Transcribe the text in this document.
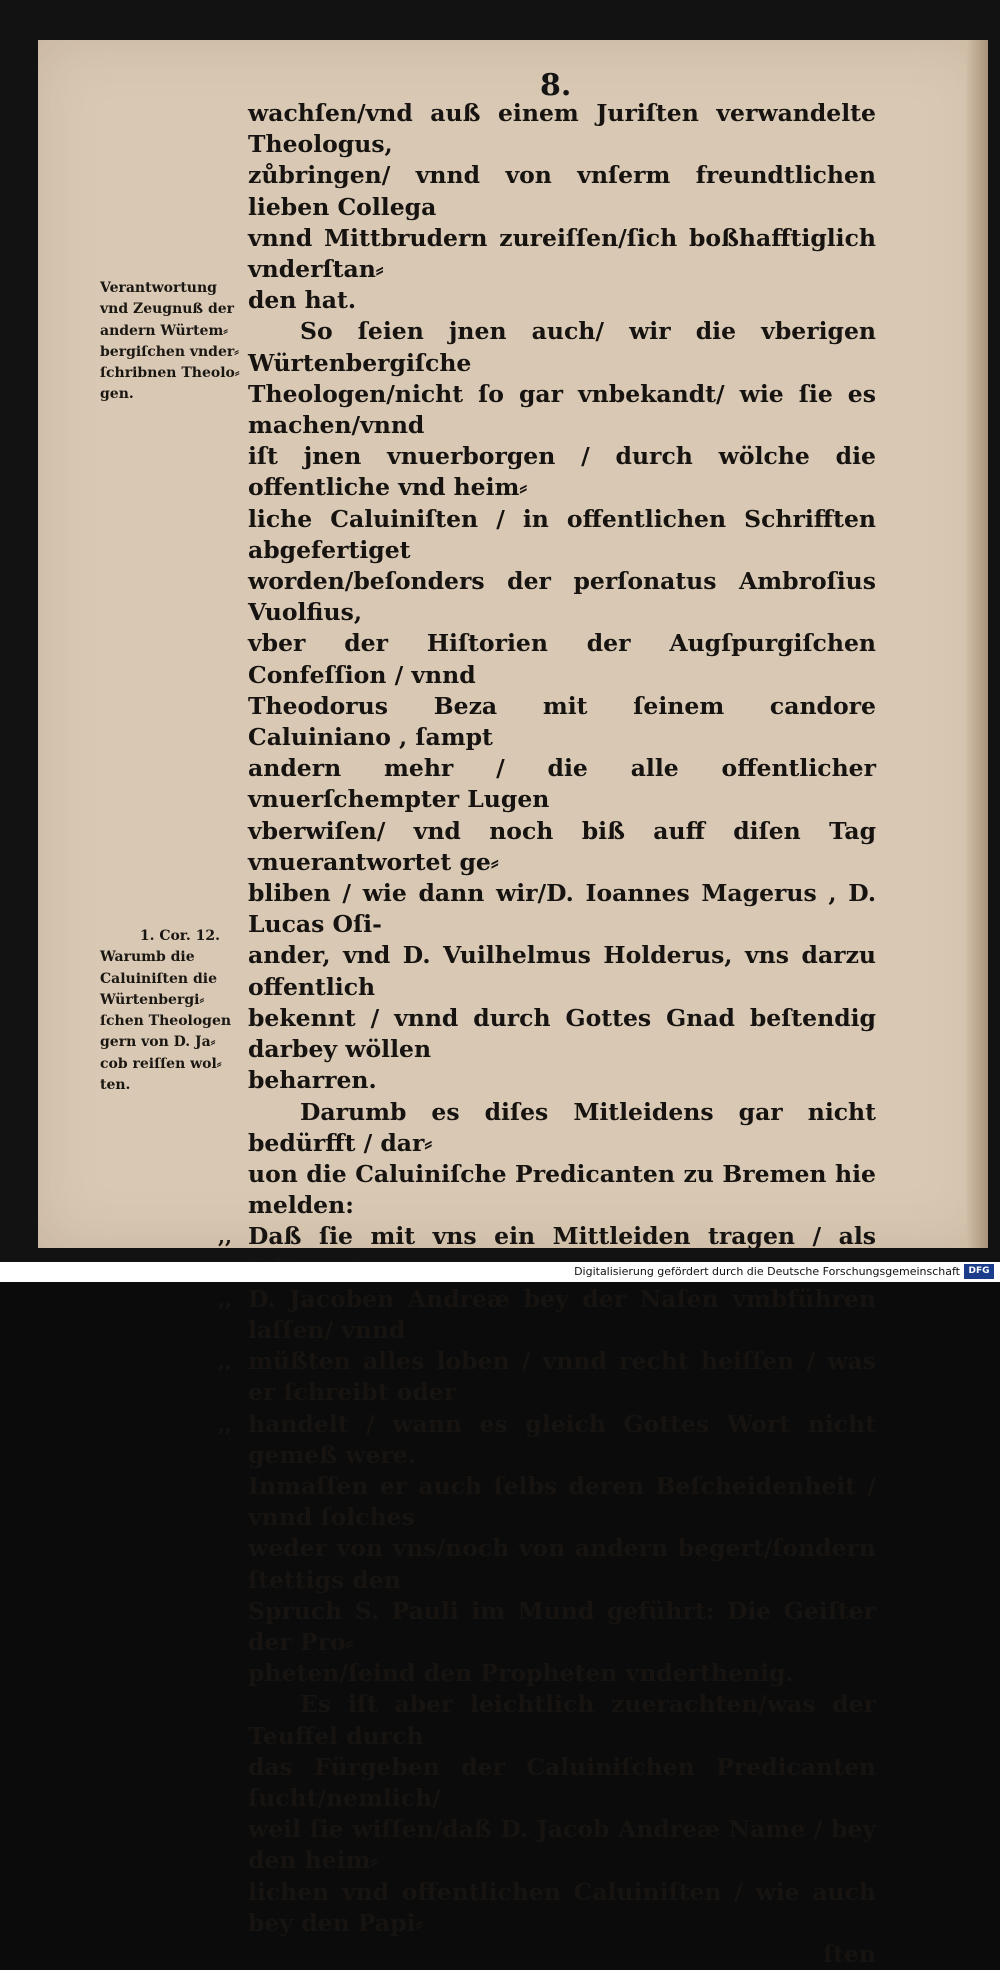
8.

wachſen/vnd auß einem Juriſten verwandelte Theologus,

zůbringen/ vnnd von vnſerm freundtlichen lieben Collega

vnnd Mittbrudern zureiſſen/ſich boßhafftiglich vnderſtan⸗

den hat.

So ſeien jnen auch/ wir die vberigen Würtenbergiſche

Theologen/nicht ſo gar vnbekandt/ wie ſie es machen/vnnd

iſt jnen vnuerborgen / durch wölche die offentliche vnd heim⸗

liche Caluiniſten / in offentlichen Schrifften abgefertiget

worden/beſonders der perſonatus Ambroſius Vuolfius,

vber der Hiſtorien der Augſpurgiſchen Confeſſion / vnnd

Theodorus Beza mit ſeinem candore Caluiniano , ſampt

andern mehr / die alle offentlicher vnuerſchempter Lugen

vberwiſen/ vnd noch biß auff diſen Tag vnuerantwortet ge⸗

bliben / wie dann wir/D. Ioannes Magerus , D. Lucas Oſi-

ander, vnd D. Vuilhelmus Holderus, vns darzu offentlich

bekennt / vnnd durch Gottes Gnad beſtendig darbey wöllen

beharren.

Darumb es diſes Mitleidens gar nicht bedürfft / dar⸗

uon die Caluiniſche Predicanten zu Bremen hie melden:

,, Daß ſie mit vns ein Mittleiden tragen / als

,, D. Jacoben Andreæ bey der Naſen vmbführen laſſen/ vnnd

,, müßten alles loben / vnnd recht heiſſen / was er ſchreibt oder

,, handelt / wann es gleich Gottes Wort nicht gemeß were.

Inmaſſen er auch ſelbs deren Beſcheidenheit / vnnd ſolches

weder von vns/noch von andern begert/ſondern ſtettigs den

Spruch S. Pauli im Mund geführt: Die Geiſter der Pro⸗

pheten/ſeind den Propheten vnderthenig.

Es iſt aber leichtlich zuerachten/was der Teuffel durch

das Fürgeben der Caluiniſchen Predicanten ſucht/nemlich/

weil ſie wiſſen/daß D. Jacob Andreæ Name / bey den heim⸗

lichen vnd offentlichen Caluiniſten / wie auch bey den Papi⸗

ſten

Verantwortung
vnd Zeugnuß der
andern Würtem⸗
bergiſchen vnder⸗
ſchribnen Theolo⸗
gen.
1. Cor. 12.
Warumb die
Caluiniſten die
Würtenbergi⸗
ſchen Theologen
gern von D. Ja⸗
cob reiſſen wol⸗
ten.
Digitalisierung gefördert durch die Deutsche Forschungsgemeinschaft DFG
